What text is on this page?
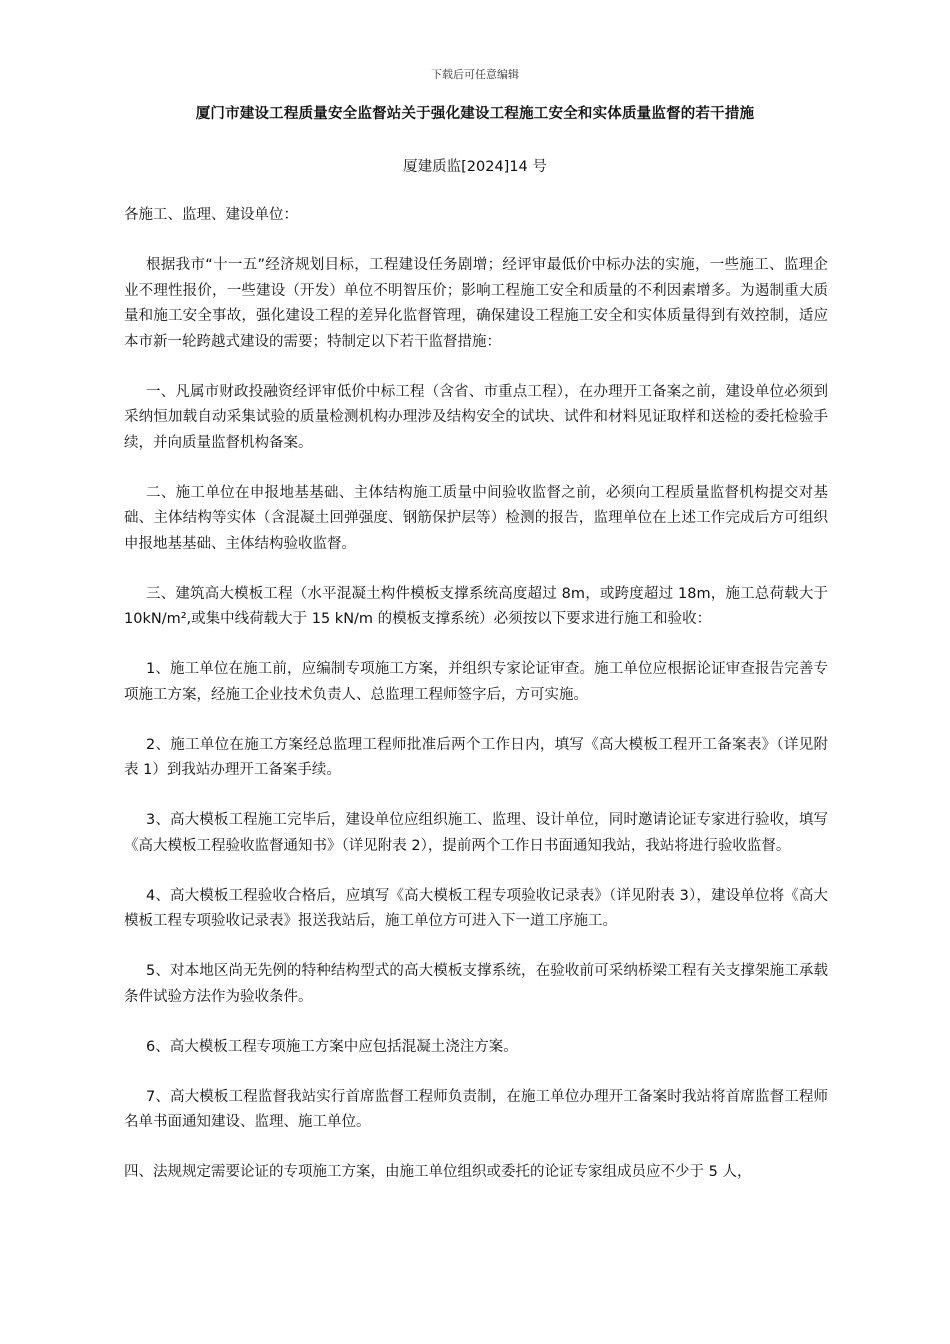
下载后可任意编辑
厦门市建设工程质量安全监督站关于强化建设工程施工安全和实体质量监督的若干措施
厦建质监[2024]14 号

各施工、监理、建设单位：

根据我市“十一五”经济规划目标，工程建设任务剧增；经评审最低价中标办法的实施，一些施工、监理企业不理性报价，一些建设（开发）单位不明智压价；影响工程施工安全和质量的不利因素增多。为遏制重大质量和施工安全事故，强化建设工程的差异化监督管理，确保建设工程施工安全和实体质量得到有效控制，适应本市新一轮跨越式建设的需要；特制定以下若干监督措施：

一、凡属市财政投融资经评审低价中标工程（含省、市重点工程），在办理开工备案之前，建设单位必须到采纳恒加载自动采集试验的质量检测机构办理涉及结构安全的试块、试件和材料见证取样和送检的委托检验手续，并向质量监督机构备案。

二、施工单位在申报地基基础、主体结构施工质量中间验收监督之前，必须向工程质量监督机构提交对基础、主体结构等实体（含混凝土回弹强度、钢筋保护层等）检测的报告，监理单位在上述工作完成后方可组织申报地基基础、主体结构验收监督。

三、建筑高大模板工程（水平混凝土构件模板支撑系统高度超过 8m，或跨度超过 18m，施工总荷载大于 10kN/m²,或集中线荷载大于 15 kN/m 的模板支撑系统）必须按以下要求进行施工和验收：

1、施工单位在施工前，应编制专项施工方案，并组织专家论证审查。施工单位应根据论证审查报告完善专项施工方案，经施工企业技术负责人、总监理工程师签字后，方可实施。

2、施工单位在施工方案经总监理工程师批准后两个工作日内，填写《高大模板工程开工备案表》（详见附表 1）到我站办理开工备案手续。

3、高大模板工程施工完毕后，建设单位应组织施工、监理、设计单位，同时邀请论证专家进行验收，填写《高大模板工程验收监督通知书》（详见附表 2），提前两个工作日书面通知我站，我站将进行验收监督。

4、高大模板工程验收合格后，应填写《高大模板工程专项验收记录表》（详见附表 3），建设单位将《高大模板工程专项验收记录表》报送我站后，施工单位方可进入下一道工序施工。

5、对本地区尚无先例的特种结构型式的高大模板支撑系统，在验收前可采纳桥梁工程有关支撑架施工承载条件试验方法作为验收条件。

6、高大模板工程专项施工方案中应包括混凝土浇注方案。

7、高大模板工程监督我站实行首席监督工程师负责制，在施工单位办理开工备案时我站将首席监督工程师名单书面通知建设、监理、施工单位。

四、法规规定需要论证的专项施工方案，由施工单位组织或委托的论证专家组成员应不少于 5 人，
